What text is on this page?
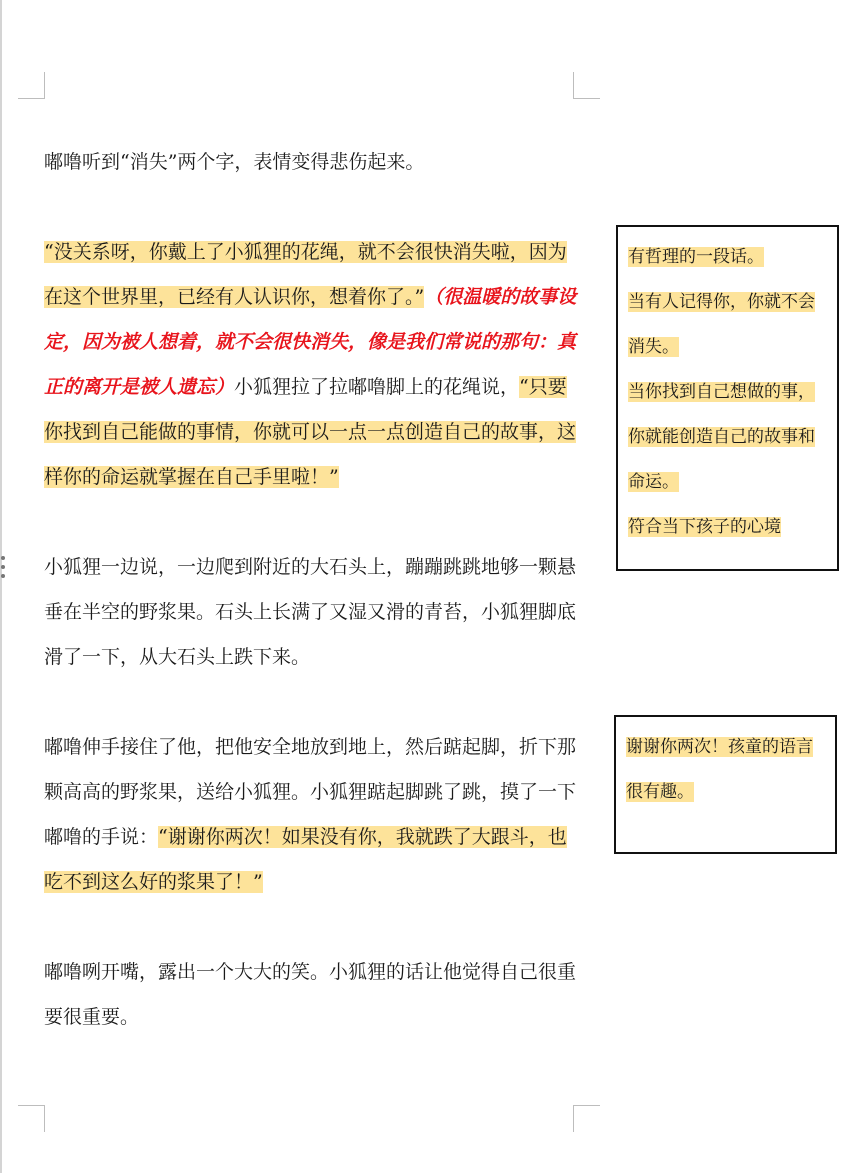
嘟噜听到“消失”两个字，表情变得悲伤起来。

“没关系呀，你戴上了小狐狸的花绳，就不会很快消失啦，因为在这个世界里，已经有人认识你，想着你了。”（很温暖的故事设定，因为被人想着，就不会很快消失，像是我们常说的那句：真正的离开是被人遗忘）小狐狸拉了拉嘟噜脚上的花绳说，“只要你找到自己能做的事情，你就可以一点一点创造自己的故事，这样你的命运就掌握在自己手里啦！”

小狐狸一边说，一边爬到附近的大石头上，蹦蹦跳跳地够一颗悬垂在半空的野浆果。石头上长满了又湿又滑的青苔，小狐狸脚底滑了一下，从大石头上跌下来。

嘟噜伸手接住了他，把他安全地放到地上，然后踮起脚，折下那颗高高的野浆果，送给小狐狸。小狐狸踮起脚跳了跳，摸了一下嘟噜的手说：“谢谢你两次！如果没有你，我就跌了大跟斗，也吃不到这么好的浆果了！”

嘟噜咧开嘴，露出一个大大的笑。小狐狸的话让他觉得自己很重要很重要。

有哲理的一段话。

当有人记得你，你就不会消失。

当你找到自己想做的事，你就能创造自己的故事和命运。

符合当下孩子的心境

谢谢你两次！孩童的语言很有趣。
